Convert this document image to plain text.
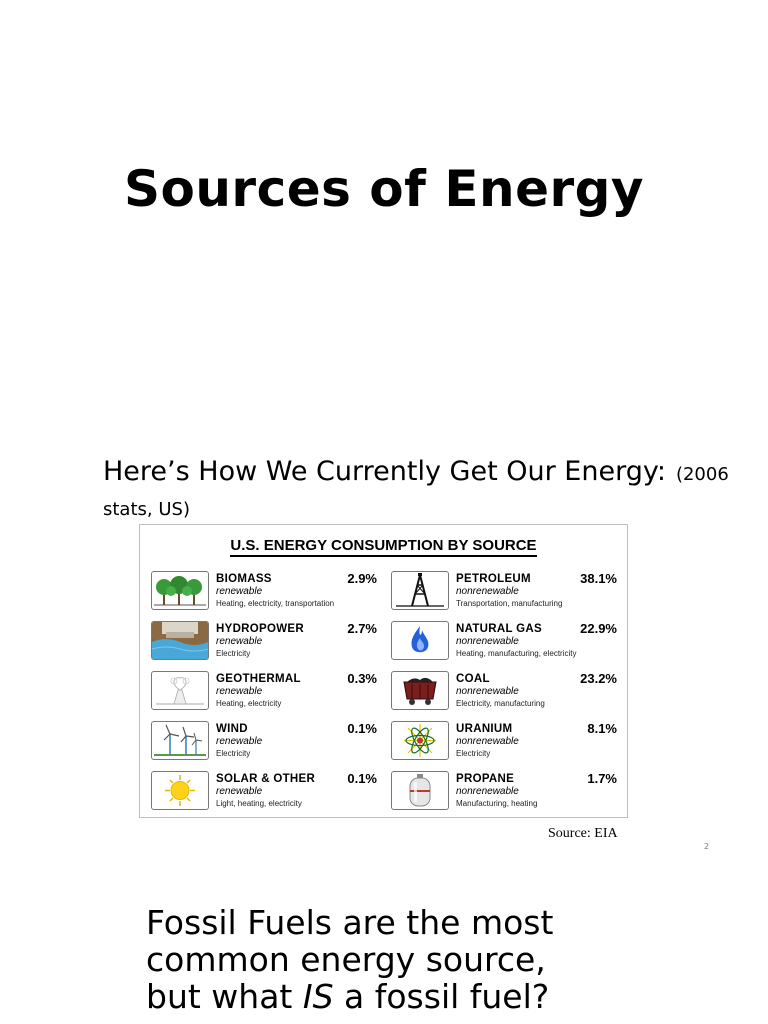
Sources of Energy
Here’s How We Currently Get Our Energy: (2006 stats, US)
U.S. ENERGY CONSUMPTION BY SOURCE
BIOMASS	2.9%
renewable
Heating, electricity, transportation
HYDROPOWER	2.7%
renewable
Electricity
GEOTHERMAL	0.3%
renewable
Heating, electricity
WIND	0.1%
renewable
Electricity
SOLAR & OTHER 0.1%
renewable
Light, heating, electricity
PETROLEUM	38.1%
nonrenewable
Transportation, manufacturing
NATURAL GAS	22.9%
nonrenewable
Heating, manufacturing, electricity
COAL	23.2%
nonrenewable
Electricity, manufacturing
URANIUM	8.1%
nonrenewable
Electricity
PROPANE	1.7%
nonrenewable
Manufacturing, heating
Source: EIA
2
Fossil Fuels are the most
common energy source,
but what IS a fossil fuel?
